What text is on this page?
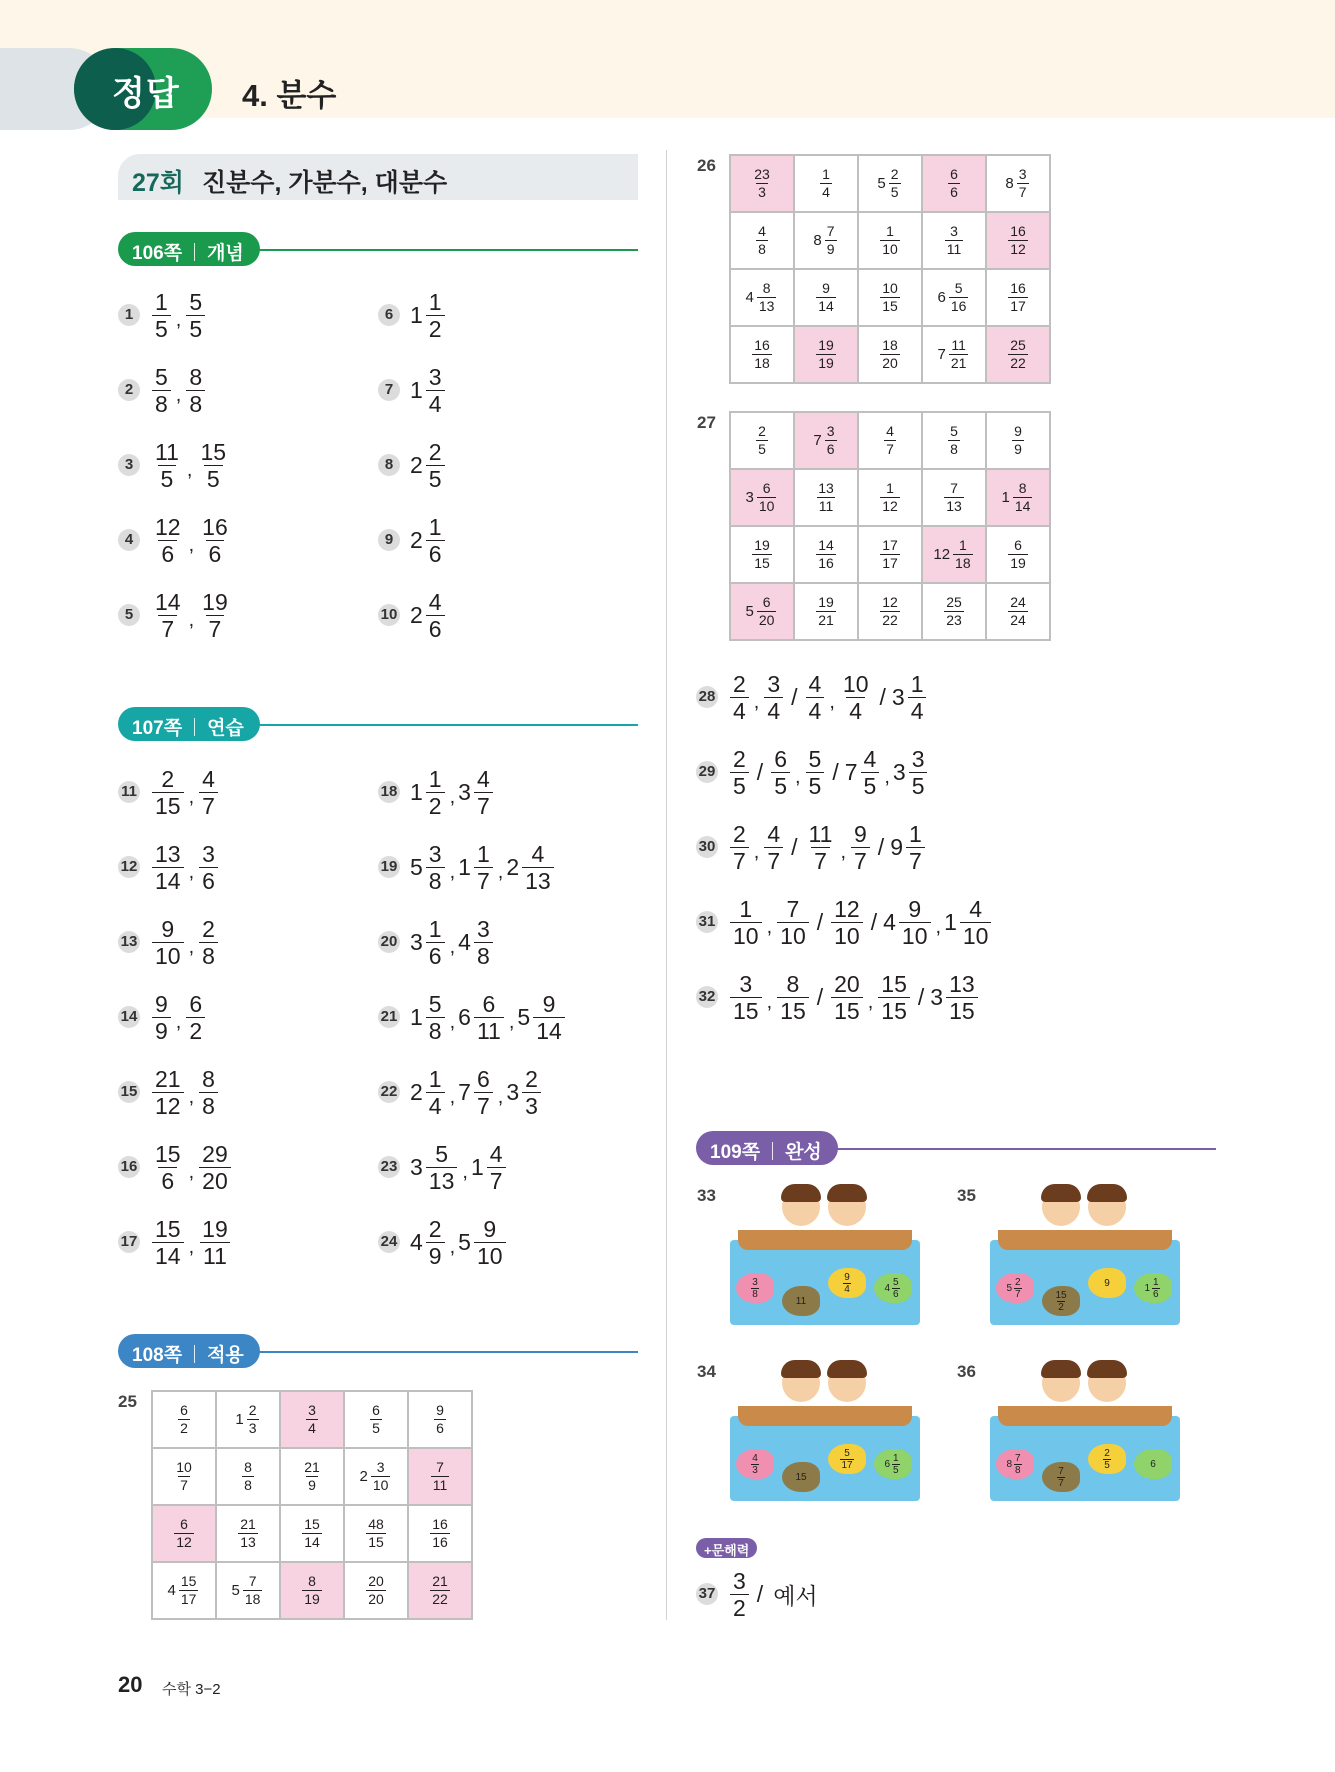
정답 4. 분수
27회 진분수, 가분수, 대분수
106쪽 개념
107쪽 연습
108쪽 적용
109쪽 완성
$1 \frac{1}{5}$ , $\frac{5}{5}$
$2 \frac{5}{8}$ , $\frac{8}{8}$
$3 \frac{11}{5}$ , $\frac{15}{5}$
$4 \frac{12}{6}$ , $\frac{16}{6}$
$5 \frac{14}{7}$ , $\frac{19}{7}$
6 $1 \frac{1}{2}$
7 $1 \frac{3}{4}$
8 $2 \frac{2}{5}$
9 $2 \frac{1}{6}$
10 $2 \frac{4}{6}$
$11 \frac{2}{15}$ , $\frac{4}{7}$
$12 \frac{13}{14}$ , $\frac{3}{6}$
$13 \frac{9}{10}$ , $\frac{2}{8}$
$14 \frac{9}{9}$ , $\frac{6}{2}$
$15 \frac{21}{12}$ , $\frac{8}{8}$
$16 \frac{15}{6}$ , $\frac{29}{20}$
$17 \frac{15}{14}$ , $\frac{19}{11}$
18 $1 \frac{1}{2}$ , $3 \frac{4}{7}$
19 $5 \frac{3}{8}$ , $1 \frac{1}{7}$ , $2 \frac{4}{13}$
20 $3 \frac{1}{6}$ , $4 \frac{3}{8}$
21 $1 \frac{5}{8}$ , $6 \frac{6}{11}$ , $5 \frac{9}{14}$
22 $2 \frac{1}{4}$ , $7 \frac{6}{7}$ , $3 \frac{2}{3}$
23 $3 \frac{5}{13}$ , $1 \frac{4}{7}$
24 $4 \frac{2}{9}$ , $5 \frac{9}{10}$
$28 \frac{2}{4}$ , $\frac{3}{4} / \frac{4}{4}$ , $\frac{10}{4} / 3 \frac{1}{4}$
$29 \frac{2}{5} / \frac{6}{5}$ , $\frac{5}{5} / 7 \frac{4}{5}$ , $3 \frac{3}{5}$
$30 \frac{2}{7}$ , $\frac{4}{7} / \frac{11}{7}$ , $\frac{9}{7} / 9 \frac{1}{7}$
$31 \frac{1}{10}$ , $\frac{7}{10} / \frac{12}{10} / 4 \frac{9}{10}$ , $1 \frac{4}{10}$
$32 \frac{3}{15}$ , $\frac{8}{15} / \frac{20}{15}$ , $\frac{15}{15} / 3 \frac{13}{15}$
$37 \frac{3}{2}$ / 예서
25
$\frac{6}{2}$	$1 \frac{2}{3}$	$\frac{3}{4}$	$\frac{6}{5}$	$\frac{9}{6}$

$\frac{10}{7}$	$\frac{8}{8}$	$\frac{21}{9}$	$2 \frac{3}{10}$	$\frac{7}{11}$

$\frac{6}{12}$	$\frac{21}{13}$	$\frac{15}{14}$	$\frac{48}{15}$	$\frac{16}{16}$

$4 \frac{15}{17}$	$5 \frac{7}{18}$	$\frac{8}{19}$	$\frac{20}{20}$	$\frac{21}{22}$
26
$\frac{23}{3}$	$\frac{1}{4}$	$5 \frac{2}{5}$	$\frac{6}{6}$	$8 \frac{3}{7}$

$\frac{4}{8}$	$8 \frac{7}{9}$	$\frac{1}{10}$	$\frac{3}{11}$	$\frac{16}{12}$

$4 \frac{8}{13}$	$\frac{9}{14}$	$\frac{10}{15}$	$6 \frac{5}{16}$	$\frac{16}{17}$

$\frac{16}{18}$	$\frac{19}{19}$	$\frac{18}{20}$	$7 \frac{11}{21}$	$\frac{25}{22}$
27
$\frac{2}{5}$	$7 \frac{3}{6}$	$\frac{4}{7}$	$\frac{5}{8}$	$\frac{9}{9}$

$3 \frac{6}{10}$	$\frac{13}{11}$	$\frac{1}{12}$	$\frac{7}{13}$	$1 \frac{8}{14}$

$\frac{19}{15}$	$\frac{14}{16}$	$\frac{17}{17}$	$12 \frac{1}{18}$	$\frac{6}{19}$

$5 \frac{6}{20}$	$\frac{19}{21}$	$\frac{12}{22}$	$\frac{25}{23}$	$\frac{24}{24}$
33
$\frac{3}{8}$
11
$\frac{9}{4}$	$4 \frac{5}{6}$
35
$5 \frac{2}{7}$
$\frac{15}{2}$
9	$1 \frac{1}{6}$
34
$\frac{4}{3}$
15
$\frac{5}{17}$	$6 \frac{1}{5}$
36
$8 \frac{7}{8}$
$\frac{7}{7}$
$\frac{2}{5}$	6
+문해력
20 수학 3−2
